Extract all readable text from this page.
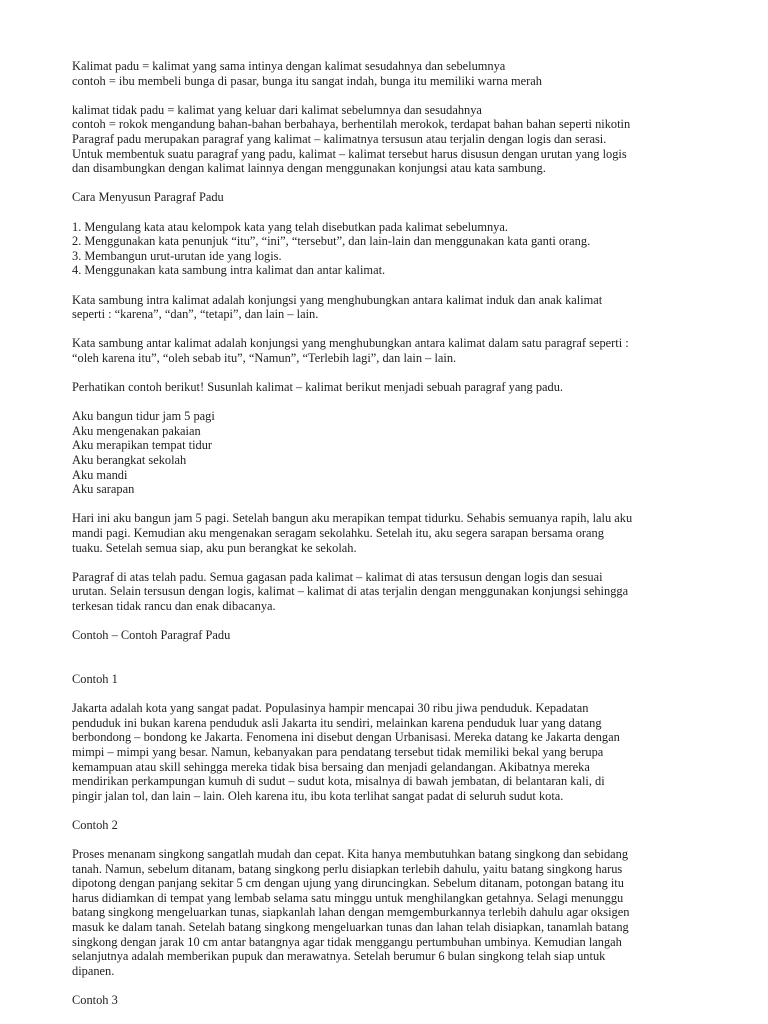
Kalimat padu = kalimat yang sama intinya dengan kalimat sesudahnya dan sebelumnya
contoh = ibu membeli bunga di pasar, bunga itu sangat indah, bunga itu memiliki warna merah

kalimat tidak padu = kalimat yang keluar dari kalimat sebelumnya dan sesudahnya
contoh = rokok mengandung bahan-bahan berbahaya, berhentilah merokok, terdapat bahan bahan seperti nikotin
Paragraf padu merupakan paragraf yang kalimat – kalimatnya tersusun atau terjalin dengan logis dan serasi.
Untuk membentuk suatu paragraf yang padu, kalimat – kalimat tersebut harus disusun dengan urutan yang logis
dan disambungkan dengan kalimat lainnya dengan menggunakan konjungsi atau kata sambung.

Cara Menyusun Paragraf Padu

1. Mengulang kata atau kelompok kata yang telah disebutkan pada kalimat sebelumnya.
2. Menggunakan kata penunjuk “itu”, “ini”, “tersebut”, dan lain-lain dan menggunakan kata ganti orang.
3. Membangun urut-urutan ide yang logis.
4. Menggunakan kata sambung intra kalimat dan antar kalimat.

Kata sambung intra kalimat adalah konjungsi yang menghubungkan antara kalimat induk dan anak kalimat
seperti : “karena”, “dan”, “tetapi”, dan lain – lain.

Kata sambung antar kalimat adalah konjungsi yang menghubungkan antara kalimat dalam satu paragraf seperti :
“oleh karena itu”, “oleh sebab itu”, “Namun”, “Terlebih lagi”, dan lain – lain.

Perhatikan contoh berikut! Susunlah kalimat – kalimat berikut menjadi sebuah paragraf yang padu.

Aku bangun tidur jam 5 pagi
Aku mengenakan pakaian
Aku merapikan tempat tidur
Aku berangkat sekolah
Aku mandi
Aku sarapan

Hari ini aku bangun jam 5 pagi. Setelah bangun aku merapikan tempat tidurku. Sehabis semuanya rapih, lalu aku
mandi pagi. Kemudian aku mengenakan seragam sekolahku. Setelah itu, aku segera sarapan bersama orang
tuaku. Setelah semua siap, aku pun berangkat ke sekolah.

Paragraf di atas telah padu. Semua gagasan pada kalimat – kalimat di atas tersusun dengan logis dan sesuai
urutan. Selain tersusun dengan logis, kalimat – kalimat di atas terjalin dengan menggunakan konjungsi sehingga
terkesan tidak rancu dan enak dibacanya.

Contoh – Contoh Paragraf Padu

Contoh 1

Jakarta adalah kota yang sangat padat. Populasinya hampir mencapai 30 ribu jiwa penduduk. Kepadatan
penduduk ini bukan karena penduduk asli Jakarta itu sendiri, melainkan karena penduduk luar yang datang
berbondong – bondong ke Jakarta. Fenomena ini disebut dengan Urbanisasi. Mereka datang ke Jakarta dengan
mimpi – mimpi yang besar. Namun, kebanyakan para pendatang tersebut tidak memiliki bekal yang berupa
kemampuan atau skill sehingga mereka tidak bisa bersaing dan menjadi gelandangan. Akibatnya mereka
mendirikan perkampungan kumuh di sudut – sudut kota, misalnya di bawah jembatan, di belantaran kali, di
pingir jalan tol, dan lain – lain. Oleh karena itu, ibu kota terlihat sangat padat di seluruh sudut kota.

Contoh 2

Proses menanam singkong sangatlah mudah dan cepat. Kita hanya membutuhkan batang singkong dan sebidang
tanah. Namun, sebelum ditanam, batang singkong perlu disiapkan terlebih dahulu, yaitu batang singkong harus
dipotong dengan panjang sekitar 5 cm dengan ujung yang diruncingkan. Sebelum ditanam, potongan batang itu
harus didiamkan di tempat yang lembab selama satu minggu untuk menghilangkan getahnya. Selagi menunggu
batang singkong mengeluarkan tunas, siapkanlah lahan dengan memgemburkannya terlebih dahulu agar oksigen
masuk ke dalam tanah. Setelah batang singkong mengeluarkan tunas dan lahan telah disiapkan, tanamlah batang
singkong dengan jarak 10 cm antar batangnya agar tidak menggangu pertumbuhan umbinya. Kemudian langah
selanjutnya adalah memberikan pupuk dan merawatnya. Setelah berumur 6 bulan singkong telah siap untuk
dipanen.

Contoh 3
